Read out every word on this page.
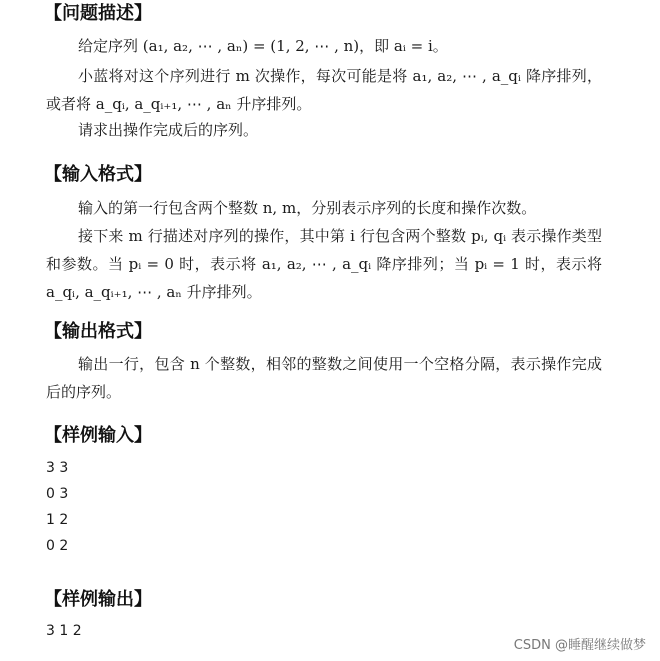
【问题描述】
给定序列 (a₁, a₂, ⋯ , aₙ) = (1, 2, ⋯ , n)，即 aᵢ = i。
小蓝将对这个序列进行 m 次操作，每次可能是将 a₁, a₂, ⋯ , a_qᵢ 降序排列，或者将 a_qᵢ, a_qᵢ₊₁, ⋯ , aₙ 升序排列。
请求出操作完成后的序列。
【输入格式】
输入的第一行包含两个整数 n, m，分别表示序列的长度和操作次数。
接下来 m 行描述对序列的操作，其中第 i 行包含两个整数 pᵢ, qᵢ 表示操作类型和参数。当 pᵢ = 0 时，表示将 a₁, a₂, ⋯ , a_qᵢ 降序排列；当 pᵢ = 1 时，表示将 a_qᵢ, a_qᵢ₊₁, ⋯ , aₙ 升序排列。
【输出格式】
输出一行，包含 n 个整数，相邻的整数之间使用一个空格分隔，表示操作完成后的序列。
【样例输入】
3 3
0 3
1 2
0 2
【样例输出】
3 1 2
CSDN @睡醒继续做梦
